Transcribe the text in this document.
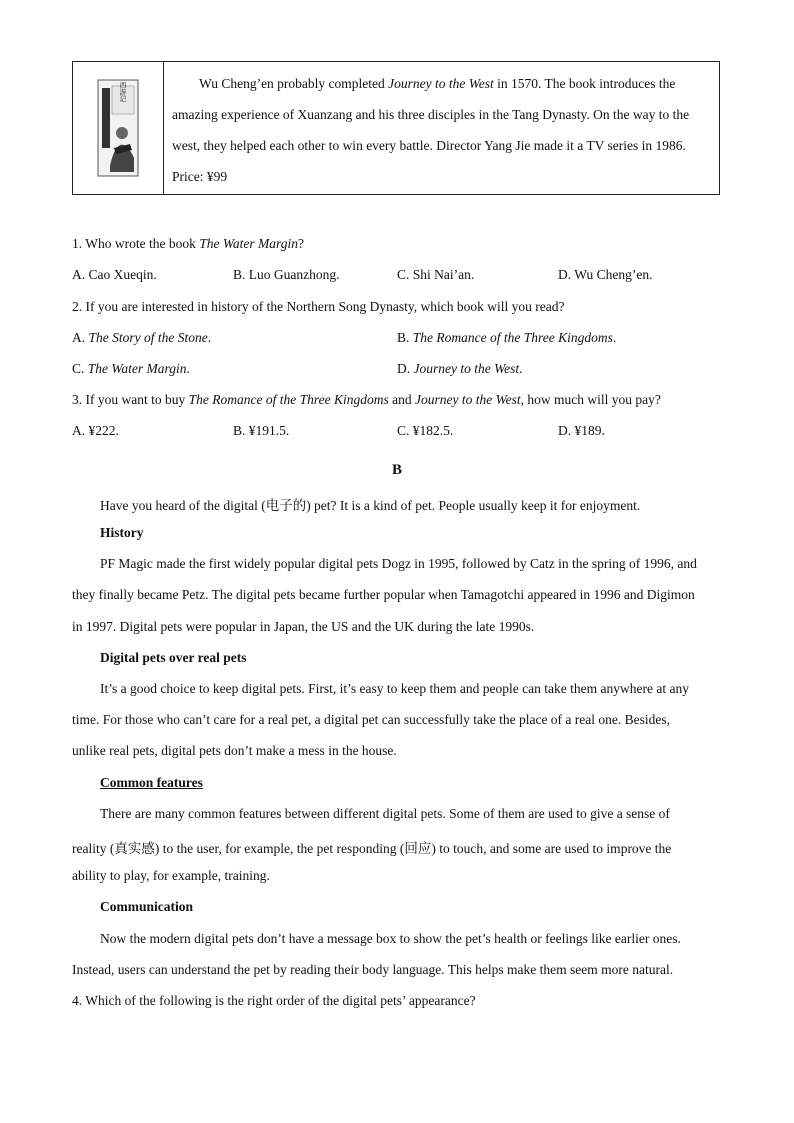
西游记	Wu Cheng’en probably completed Journey to the West in 1570. The book introduces the amazing experience of Xuanzang and his three disciples in the Tang Dynasty. On the way to the west, they helped each other to win every battle. Director Yang Jie made it a TV series in 1986.
Price: ¥99
1. Who wrote the book The Water Margin?
A. Cao Xueqin.	B. Luo Guanzhong.	C. Shi Nai’an.	D. Wu Cheng’en.
2. If you are interested in history of the Northern Song Dynasty, which book will you read?
A. The Story of the Stone.	B. The Romance of the Three Kingdoms.
C. The Water Margin.	D. Journey to the West.
3. If you want to buy The Romance of the Three Kingdoms and Journey to the West, how much will you pay?
A. ¥222.	B. ¥191.5.	C. ¥182.5.	D. ¥189.
B
Have you heard of the digital (电子的) pet? It is a kind of pet. People usually keep it for enjoyment.
History
PF Magic made the first widely popular digital pets Dogz in 1995, followed by Catz in the spring of 1996, and
they finally became Petz. The digital pets became further popular when Tamagotchi appeared in 1996 and Digimon
in 1997. Digital pets were popular in Japan, the US and the UK during the late 1990s.
Digital pets over real pets
It’s a good choice to keep digital pets. First, it’s easy to keep them and people can take them anywhere at any
time. For those who can’t care for a real pet, a digital pet can successfully take the place of a real one. Besides,
unlike real pets, digital pets don’t make a mess in the house.
Common features
There are many common features between different digital pets. Some of them are used to give a sense of
reality (真实感) to the user, for example, the pet responding (回应) to touch, and some are used to improve the
ability to play, for example, training.
Communication
Now the modern digital pets don’t have a message box to show the pet’s health or feelings like earlier ones.
Instead, users can understand the pet by reading their body language. This helps make them seem more natural.
4. Which of the following is the right order of the digital pets’ appearance?
